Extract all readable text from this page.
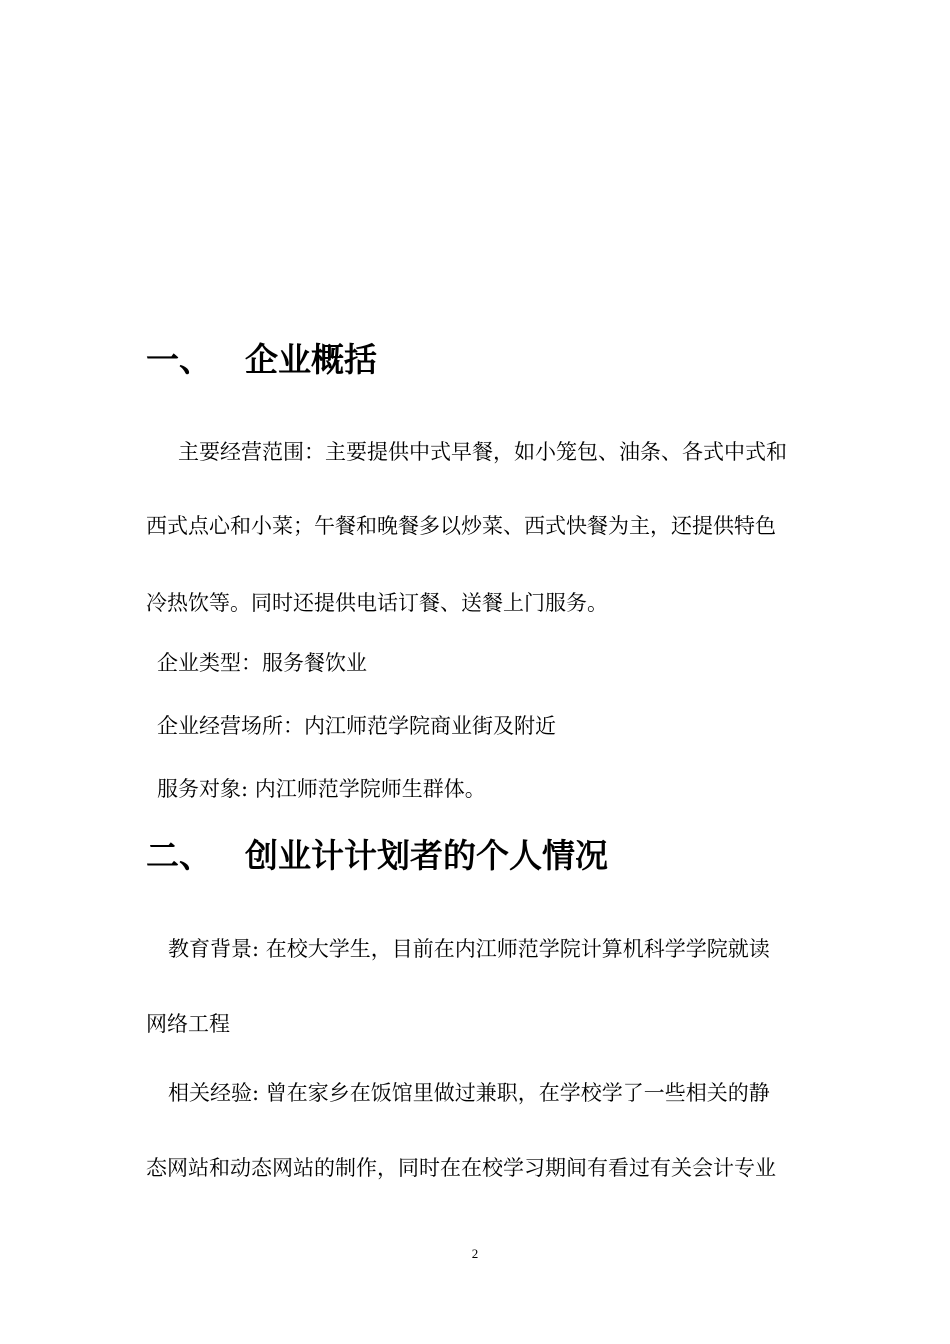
一、 企业概括

主要经营范围：主要提供中式早餐，如小笼包、油条、各式中式和

西式点心和小菜；午餐和晚餐多以炒菜、西式快餐为主，还提供特色

冷热饮等。同时还提供电话订餐、送餐上门服务。

企业类型：服务餐饮业

企业经营场所：内江师范学院商业街及附近

服务对象: 内江师范学院师生群体。

二、 创业计计划者的个人情况

教育背景: 在校大学生，目前在内江师范学院计算机科学学院就读

网络工程

相关经验: 曾在家乡在饭馆里做过兼职，在学校学了一些相关的静

态网站和动态网站的制作，同时在在校学习期间有看过有关会计专业

2
